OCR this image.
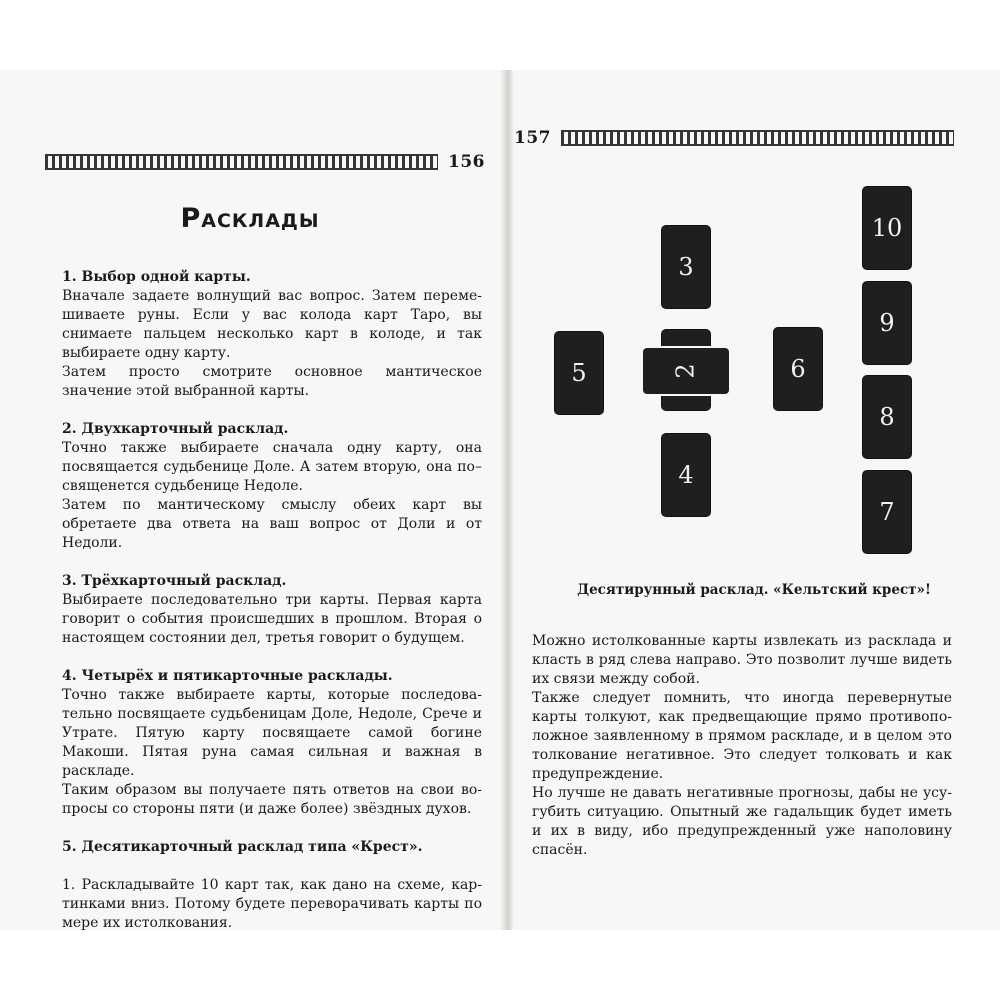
156
Расклады

1. Выбор одной карты.

Вначале задаете волнущий вас вопрос. Затем переме-шиваете руны. Если у вас колода карт Таро, вы снимаете пальцем несколько карт в колоде, и так выбираете одну карту.

Затем просто смотрите основное мантическое значение этой выбранной карты.

2. Двухкарточный расклад.

Точно также выбираете сначала одну карту, она посвящается судьбенице Доле. А затем вторую, она по–священется судьбенице Недоле.

Затем по мантическому смыслу обеих карт вы обретаете два ответа на ваш вопрос от Доли и от Недоли.

3. Трёхкарточный расклад.

Выбираете последовательно три карты. Первая карта говорит о события происшедших в прошлом. Вторая о настоящем состоянии дел, третья говорит о будущем.

4. Четырёх и пятикарточные расклады.

Точно также выбираете карты, которые последова-тельно посвящаете судьбеницам Доле, Недоле, Срече и Утрате. Пятую карту посвящаете самой богине Макоши. Пятая руна самая сильная и важная в раскладе.

Таким образом вы получаете пять ответов на свои во-просы со стороны пяти (и даже более) звёздных духов.

5. Десятикарточный расклад типа «Крест».

1. Раскладывайте 10 карт так, как дано на схеме, кар-тинками вниз. Потому будете переворачивать карты по мере их истолкования.

157
3
2
4
5	6
10
9
8
7
Десятирунный расклад. «Кельтский крест»!

Можно истолкованные карты извлекать из расклада и класть в ряд слева направо. Это позволит лучше видеть их связи между собой.

Также следует помнить, что иногда перевернутые карты толкуют, как предвещающие прямо противопо-ложное заявленному в прямом раскладе, и в целом это толкование негативное. Это следует толковать и как предупреждение.

Но лучше не давать негативные прогнозы, дабы не усу-губить ситуацию. Опытный же гадальщик будет иметь и их в виду, ибо предупрежденный уже наполовину спасён.
